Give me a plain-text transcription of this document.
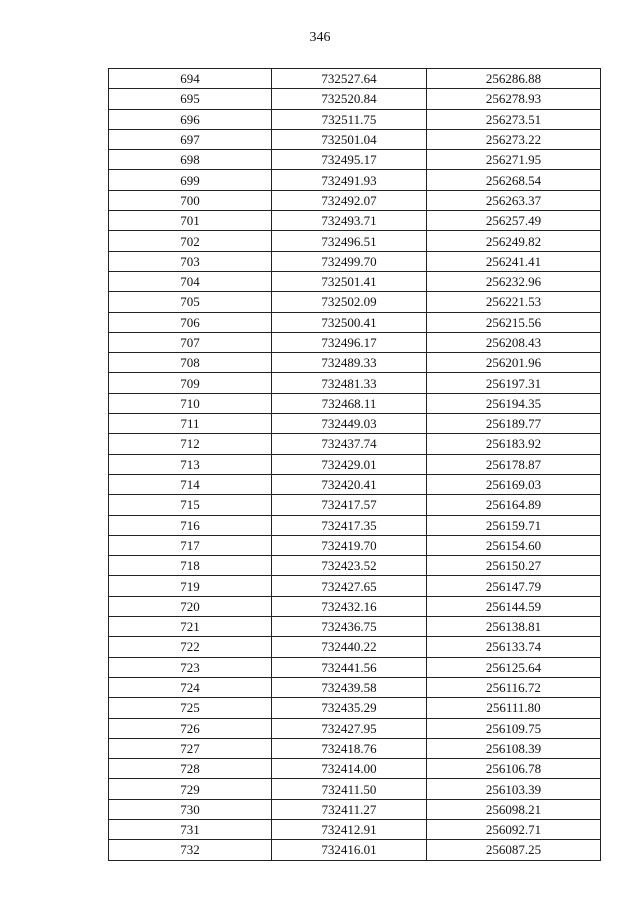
346
694	732527.64	256286.88
695	732520.84	256278.93
696	732511.75	256273.51
697	732501.04	256273.22
698	732495.17	256271.95
699	732491.93	256268.54
700	732492.07	256263.37
701	732493.71	256257.49
702	732496.51	256249.82
703	732499.70	256241.41
704	732501.41	256232.96
705	732502.09	256221.53
706	732500.41	256215.56
707	732496.17	256208.43
708	732489.33	256201.96
709	732481.33	256197.31
710	732468.11	256194.35
711	732449.03	256189.77
712	732437.74	256183.92
713	732429.01	256178.87
714	732420.41	256169.03
715	732417.57	256164.89
716	732417.35	256159.71
717	732419.70	256154.60
718	732423.52	256150.27
719	732427.65	256147.79
720	732432.16	256144.59
721	732436.75	256138.81
722	732440.22	256133.74
723	732441.56	256125.64
724	732439.58	256116.72
725	732435.29	256111.80
726	732427.95	256109.75
727	732418.76	256108.39
728	732414.00	256106.78
729	732411.50	256103.39
730	732411.27	256098.21
731	732412.91	256092.71
732	732416.01	256087.25
